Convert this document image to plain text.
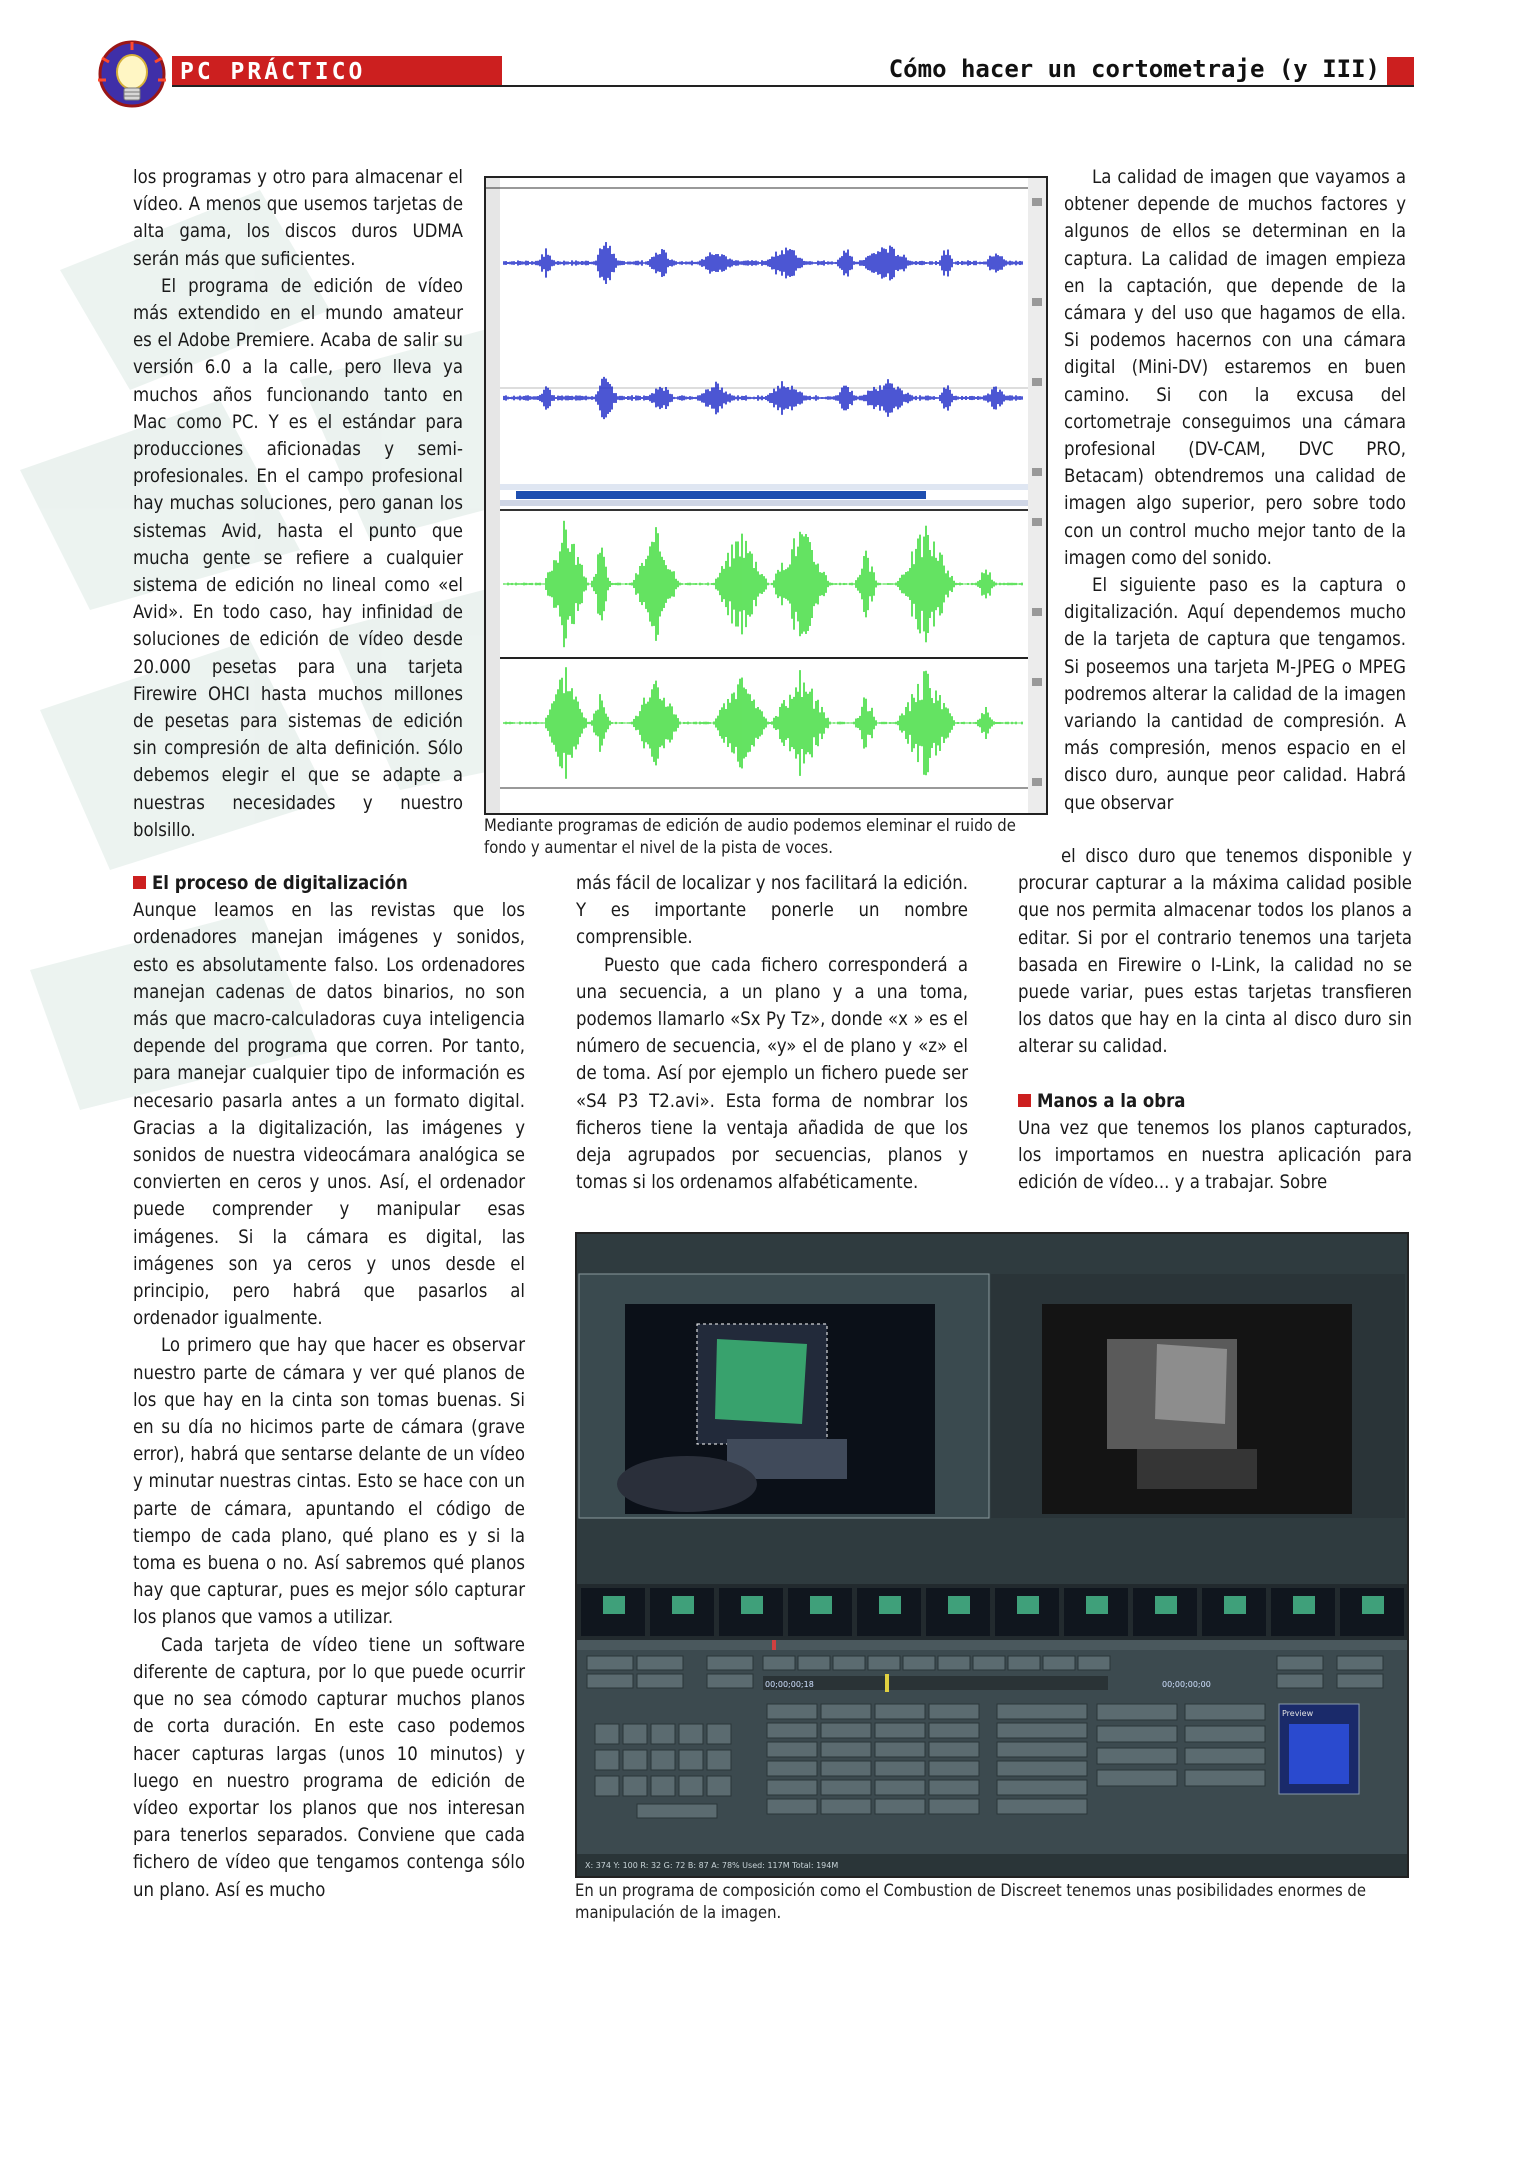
PC PRÁCTICO	Cómo hacer un cortometraje (y III)

los programas y otro para almacenar el vídeo. A menos que usemos tarjetas de alta gama, los discos duros UDMA serán más que suficientes.

El programa de edición de vídeo más extendido en el mundo amateur es el Adobe Premiere. Acaba de salir su versión 6.0 a la calle, pero lleva ya muchos años funcionando tanto en Mac como PC. Y es el estándar para producciones aficionadas y semi-profesionales. En el campo profesional hay muchas soluciones, pero ganan los sistemas Avid, hasta el punto que mucha gente se refiere a cualquier sistema de edición no lineal como «el Avid». En todo caso, hay infinidad de soluciones de edición de vídeo desde 20.000 pesetas para una tarjeta Firewire OHCI hasta muchos millones de pesetas para sistemas de edición sin compresión de alta definición. Sólo debemos elegir el que se adapte a nuestras necesidades y nuestro bolsillo.	Mediante programas de edición de audio podemos eleminar el ruido de fondo y aumentar el nivel de la pista de voces.

La calidad de imagen que vayamos a obtener depende de muchos factores y algunos de ellos se determinan en la captura. La calidad de imagen empieza en la captación, que depende de la cámara y del uso que hagamos de ella. Si podemos hacernos con una cámara digital (Mini-DV) estaremos en buen camino. Si con la excusa del cortometraje conseguimos una cámara profesional (DV-CAM, DVC PRO, Betacam) obtendremos una calidad de imagen algo superior, pero sobre todo con un control mucho mejor tanto de la imagen como del sonido.

El siguiente paso es la captura o digitalización. Aquí dependemos mucho de la tarjeta de captura que tengamos. Si poseemos una tarjeta M-JPEG o MPEG podremos alterar la calidad de la imagen variando la cantidad de compresión. A más compresión, menos espacio en el disco duro, aunque peor calidad. Habrá que observar

El proceso de digitalización

Aunque leamos en las revistas que los ordenadores manejan imágenes y sonidos, esto es absolutamente falso. Los ordenadores manejan cadenas de datos binarios, no son más que macro-calculadoras cuya inteligencia depende del programa que corren. Por tanto, para manejar cualquier tipo de información es necesario pasarla antes a un formato digital. Gracias a la digitalización, las imágenes y sonidos de nuestra videocámara analógica se convierten en ceros y unos. Así, el ordenador puede comprender y manipular esas imágenes. Si la cámara es digital, las imágenes son ya ceros y unos desde el principio, pero habrá que pasarlos al ordenador igualmente.

Lo primero que hay que hacer es observar nuestro parte de cámara y ver qué planos de los que hay en la cinta son tomas buenas. Si en su día no hicimos parte de cámara (grave error), habrá que sentarse delante de un vídeo y minutar nuestras cintas. Esto se hace con un parte de cámara, apuntando el código de tiempo de cada plano, qué plano es y si la toma es buena o no. Así sabremos qué planos hay que capturar, pues es mejor sólo capturar los planos que vamos a utilizar.

Cada tarjeta de vídeo tiene un software diferente de captura, por lo que puede ocurrir que no sea cómodo capturar muchos planos de corta duración. En este caso podemos hacer capturas largas (unos 10 minutos) y luego en nuestro programa de edición de vídeo exportar los planos que nos interesan para tenerlos separados. Conviene que cada fichero de vídeo que tengamos contenga sólo un plano. Así es mucho

más fácil de localizar y nos facilitará la edición. Y es importante ponerle un nombre comprensible.

Puesto que cada fichero corresponderá a una secuencia, a un plano y a una toma, podemos llamarlo «Sx Py Tz», donde «x » es el número de secuencia, «y» el de plano y «z» el de toma. Así por ejemplo un fichero puede ser «S4 P3 T2.avi». Esta forma de nombrar los ficheros tiene la ventaja añadida de que los deja agrupados por secuencias, planos y tomas si los ordenamos alfabéticamente.

el disco duro que tenemos disponible y procurar capturar a la máxima calidad posible que nos permita almacenar todos los planos a editar. Si por el contrario tenemos una tarjeta basada en Firewire o I-Link, la calidad no se puede variar, pues estas tarjetas transfieren los datos que hay en la cinta al disco duro sin alterar su calidad.

Manos a la obra

Una vez que tenemos los planos capturados, los importamos en nuestra aplicación para edición de vídeo... y a trabajar. Sobre

00;00;00;18	00;00;00;00
Preview
X: 374 Y: 100 R: 32 G: 72 B: 87 A: 78% Used: 117M Total: 194M
En un programa de composición como el Combustion de Discreet tenemos unas posibilidades enormes de manipulación de la imagen.
